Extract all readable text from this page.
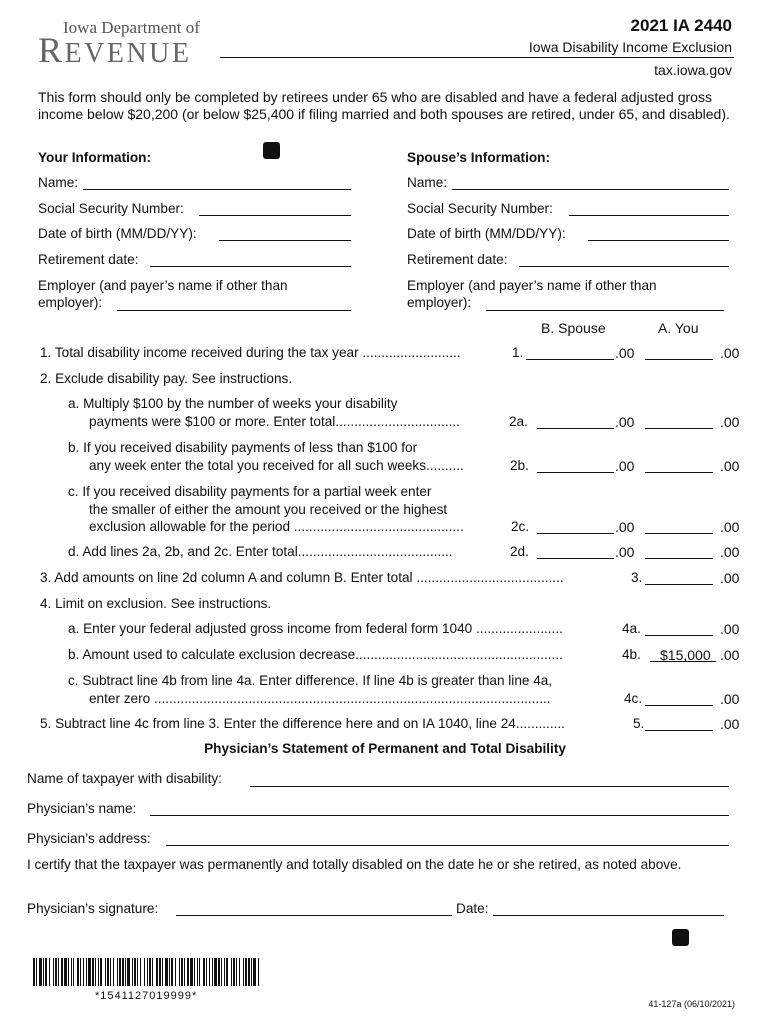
Iowa Department of
REVENUE
2021 IA 2440
Iowa Disability Income Exclusion
tax.iowa.gov
This form should only be completed by retirees under 65 who are disabled and have a federal adjusted gross income below $20,200 (or below $25,400 if filing married and both spouses are retired, under 65, and disabled).
Your Information:
Name:
Social Security Number:
Date of birth (MM/DD/YY):
Retirement date:
Employer (and payer’s name if other than
employer):
Spouse’s Information:
Name:
Social Security Number:
Date of birth (MM/DD/YY):
Retirement date:
Employer (and payer’s name if other than
employer):
B. Spouse	A. You
1. Total disability income received during the tax year ..........................	1.	.00	.00
2. Exclude disability pay. See instructions.
a. Multiply $100 by the number of weeks your disability
payments were $100 or more. Enter total.................................	2a.	.00	.00
b. If you received disability payments of less than $100 for
any week enter the total you received for all such weeks..........	2b.	.00	.00
c. If you received disability payments for a partial week enter
the smaller of either the amount you received or the highest
exclusion allowable for the period .............................................	2c.	.00	.00
d. Add lines 2a, 2b, and 2c. Enter total.........................................	2d.	.00	.00
3. Add amounts on line 2d column A and column B. Enter total .......................................	3.	.00
4. Limit on exclusion. See instructions.
a. Enter your federal adjusted gross income from federal form 1040 .......................	4a.	.00
b. Amount used to calculate exclusion decrease.......................................................	4b. $15,000 .00
c. Subtract line 4b from line 4a. Enter difference. If line 4b is greater than line 4a,
enter zero .........................................................................................................	4c.	.00
5. Subtract line 4c from line 3. Enter the difference here and on IA 1040, line 24.............	5.	.00
Physician’s Statement of Permanent and Total Disability
Name of taxpayer with disability:
Physician’s name:
Physician’s address:
I certify that the taxpayer was permanently and totally disabled on the date he or she retired, as noted above.
Physician’s signature:	Date:
*1541127019999*
41-127a (06/10/2021)
